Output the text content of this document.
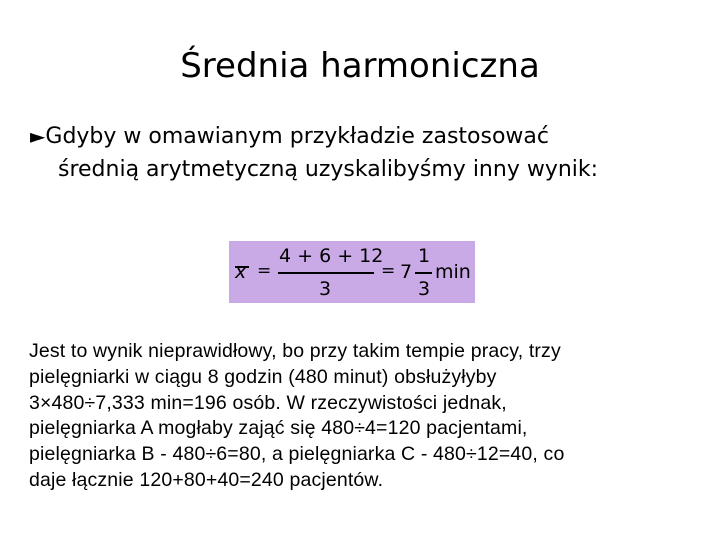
Średnia harmoniczna
►Gdyby w omawianym przykładzie zastosować
średnią arytmetyczną uzyskalibyśmy inny wynik:
x =
4 + 6 + 12
3
= 7
1
3
min
Jest to wynik nieprawidłowy, bo przy takim tempie pracy, trzy
pielęgniarki w ciągu 8 godzin (480 minut) obsłużyłyby
3×480÷7,333 min=196 osób. W rzeczywistości jednak,
pielęgniarka A mogłaby zająć się 480÷4=120 pacjentami,
pielęgniarka B - 480÷6=80, a pielęgniarka C - 480÷12=40, co
daje łącznie 120+80+40=240 pacjentów.
